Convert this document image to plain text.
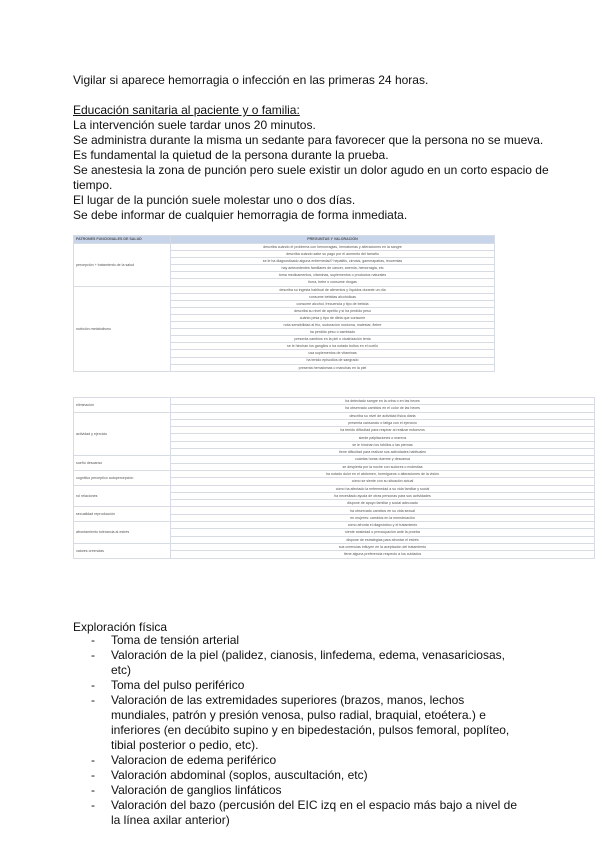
Vigilar si aparece hemorragia o infección en las primeras 24 horas.
Educación sanitaria al paciente y o familia:
La intervención suele tardar unos 20 minutos.
Se administra durante la misma un sedante para favorecer que la persona no se mueva.
Es fundamental la quietud de la persona durante la prueba.
Se anestesia la zona de punción pero suele existir un dolor agudo en un corto espacio de
tiempo.
El lugar de la punción suele molestar uno o dos días.
Se debe informar de cualquier hemorragia de forma inmediata.
PATRONES FUNCIONALES DE SALUD	PREGUNTAS Y VALORACIÓN
percepción + tratamiento de la salud	describa cuándo el problema con hemorragias, hematomas y alteraciones en la sangre
	describa cuándo sabe su pago por el aumento del tamaño
	se le ha diagnosticado alguna enfermedad? hepatitis, cirrosis, gammapatías, leucemias
	hay antecedentes familiares de cáncer, anemia, hemorragia, etc
	toma medicamentos, vitaminas, suplementos o productos naturales
	fuma, bebe o consume drogas
nutrición metabolismo	describa su ingesta habitual de alimentos y líquidos durante un día
	consume bebidas alcohólicas
	consume alcohol, frecuencia y tipo de bebida
	describa su nivel de apetito y si ha perdido peso
	cuánto pesa y tipo de dieta que consume
	nota sensibilidad al frío, sudoración nocturna, malestar, fiebre
	ha perdido peso o cambiado
	presenta cambios en la piel o cicatrización lenta
	se le hinchan los ganglios o ha notado bultos en el cuello
	usa suplementos de vitaminas
	ha tenido episodios de sangrado
	presenta hematomas o manchas en la piel
eliminación	ha detectado sangre en la orina o en las heces
	ha observado cambios en el color de las heces
actividad y ejercicio	describa su nivel de actividad física diaria
	presenta cansancio o fatiga con el ejercicio
	ha tenido dificultad para respirar al realizar esfuerzos
	siente palpitaciones o mareos
	se le hinchan los tobillos o las piernas
	tiene dificultad para realizar sus actividades habituales
sueño descanso	cuántas horas duerme y descansa
	se despierta por la noche con sudores o molestias
cognitivo perceptivo autopercepción	ha notado dolor en el abdomen, hormigueos o alteraciones de la visión
	cómo se siente con su situación actual
rol relaciones	cómo ha afectado la enfermedad a su vida familiar y social
	ha necesitado ayuda de otras personas para sus actividades
	dispone de apoyo familiar y social adecuado
sexualidad reproducción	ha observado cambios en su vida sexual
	en mujeres: cambios en la menstruación
afrontamiento tolerancia al estrés	cómo afronta el diagnóstico y el tratamiento
	siente ansiedad o preocupación ante la prueba
	dispone de estrategias para afrontar el estrés
valores creencias	sus creencias influyen en la aceptación del tratamiento
	tiene alguna preferencia respecto a los cuidados
Exploración física
- Toma de tensión arterial
- Valoración de la piel (palidez, cianosis, linfedema, edema, venasariciosas, etc)
- Toma del pulso periférico
- Valoración de las extremidades superiores (brazos, manos, lechos mundiales, patrón y presión venosa, pulso radial, braquial, etoétera.) e inferiores (en decúbito supino y en bipedestación, pulsos femoral, poplíteo, tibial posterior o pedio, etc).
- Valoracion de edema periférico
- Valoración abdominal (soplos, auscultación, etc)
- Valoración de ganglios linfáticos
- Valoración del bazo (percusión del EIC izq en el espacio más bajo a nivel de la línea axilar anterior)
